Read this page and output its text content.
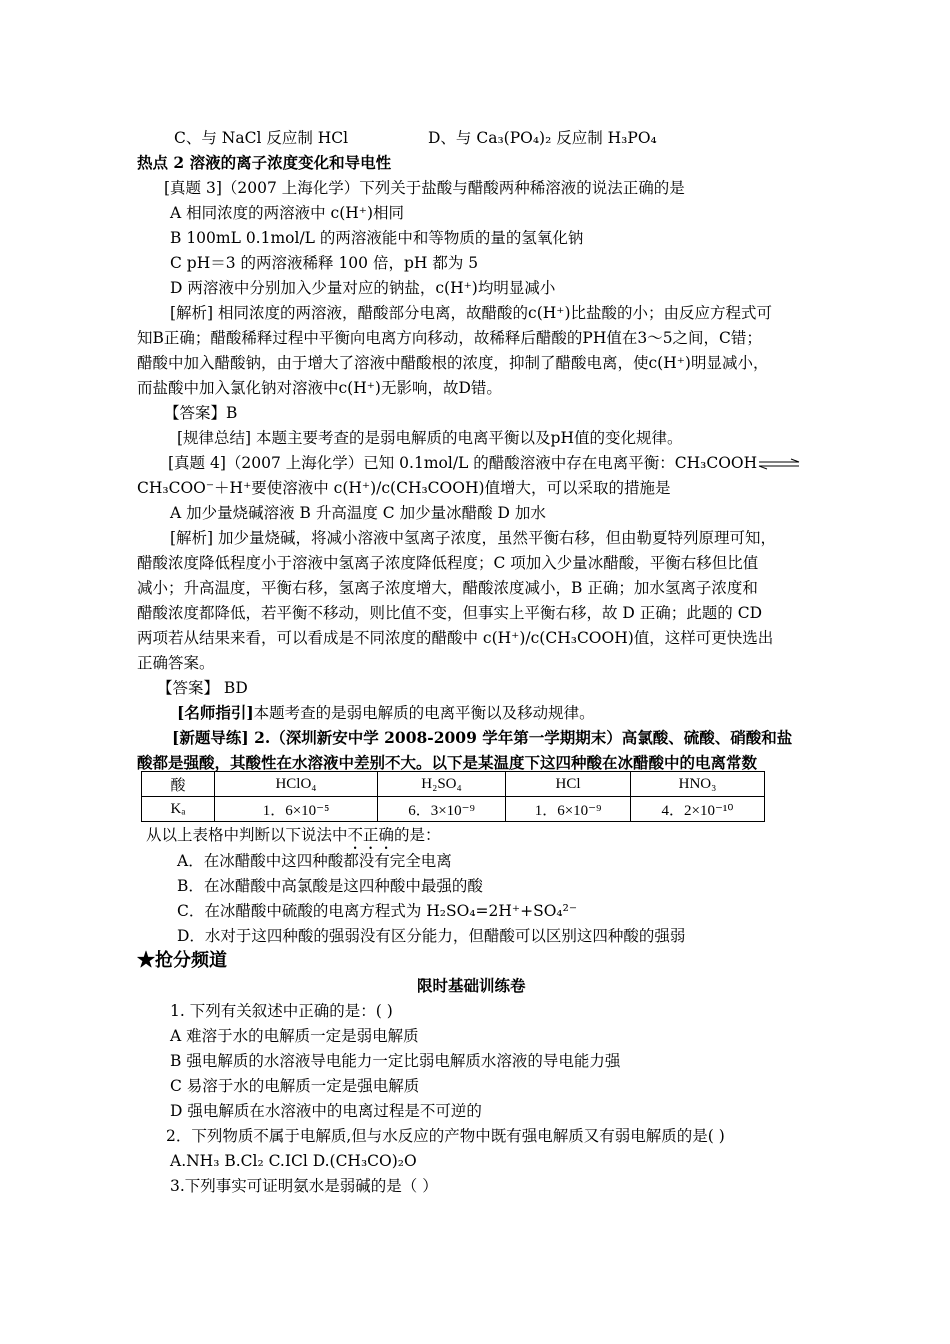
C、与 NaCl 反应制 HCl	D、与 Ca₃(PO₄)₂ 反应制 H₃PO₄
热点 2 溶液的离子浓度变化和导电性
[真题 3]（2007 上海化学）下列关于盐酸与醋酸两种稀溶液的说法正确的是
A 相同浓度的两溶液中 c(H⁺)相同
B 100mL 0.1mol/L 的两溶液能中和等物质的量的氢氧化钠
C pH＝3 的两溶液稀释 100 倍，pH 都为 5
D 两溶液中分别加入少量对应的钠盐，c(H⁺)均明显减小
[解析] 相同浓度的两溶液，醋酸部分电离，故醋酸的c(H⁺)比盐酸的小；由反应方程式可
知B正确；醋酸稀释过程中平衡向电离方向移动，故稀释后醋酸的PH值在3～5之间，C错；
醋酸中加入醋酸钠，由于增大了溶液中醋酸根的浓度，抑制了醋酸电离，使c(H⁺)明显减小，
而盐酸中加入氯化钠对溶液中c(H⁺)无影响，故D错。
【答案】B
[规律总结] 本题主要考查的是弱电解质的电离平衡以及pH值的变化规律。
[真题 4]（2007 上海化学）已知 0.1mol/L 的醋酸溶液中存在电离平衡：CH₃COOH⇌
CH₃COO⁻＋H⁺要使溶液中 c(H⁺)/c(CH₃COOH)值增大，可以采取的措施是
A 加少量烧碱溶液 B 升高温度 C 加少量冰醋酸 D 加水
[解析] 加少量烧碱，将减小溶液中氢离子浓度，虽然平衡右移，但由勒夏特列原理可知，
醋酸浓度降低程度小于溶液中氢离子浓度降低程度；C 项加入少量冰醋酸，平衡右移但比值
减小；升高温度，平衡右移，氢离子浓度增大，醋酸浓度减小，B 正确；加水氢离子浓度和
醋酸浓度都降低，若平衡不移动，则比值不变，但事实上平衡右移，故 D 正确；此题的 CD
两项若从结果来看，可以看成是不同浓度的醋酸中 c(H⁺)/c(CH₃COOH)值，这样可更快选出
正确答案。
【答案】 BD
[名师指引]本题考查的是弱电解质的电离平衡以及移动规律。
[新题导练] 2.（深圳新安中学 2008-2009 学年第一学期期末）高氯酸、硫酸、硝酸和盐
酸都是强酸，其酸性在水溶液中差别不大。以下是某温度下这四种酸在冰醋酸中的电离常数
酸	HClO₄	H₂SO₄	HCl	HNO₃
Kₐ	1．6×10⁻⁵	6．3×10⁻⁹	1．6×10⁻⁹	4．2×10⁻¹⁰
从以上表格中判断以下说法中不正确的是：
A．在冰醋酸中这四种酸都没有完全电离
B．在冰醋酸中高氯酸是这四种酸中最强的酸
C．在冰醋酸中硫酸的电离方程式为 H₂SO₄=2H⁺+SO₄²⁻
D．水对于这四种酸的强弱没有区分能力，但醋酸可以区别这四种酸的强弱
★抢分频道
限时基础训练卷
1. 下列有关叙述中正确的是：( )
A 难溶于水的电解质一定是弱电解质
B 强电解质的水溶液导电能力一定比弱电解质水溶液的导电能力强
C 易溶于水的电解质一定是强电解质
D 强电解质在水溶液中的电离过程是不可逆的
2．下列物质不属于电解质,但与水反应的产物中既有强电解质又有弱电解质的是( )
A.NH₃ B.Cl₂ C.ICl D.(CH₃CO)₂O
3.下列事实可证明氨水是弱碱的是（ ）
